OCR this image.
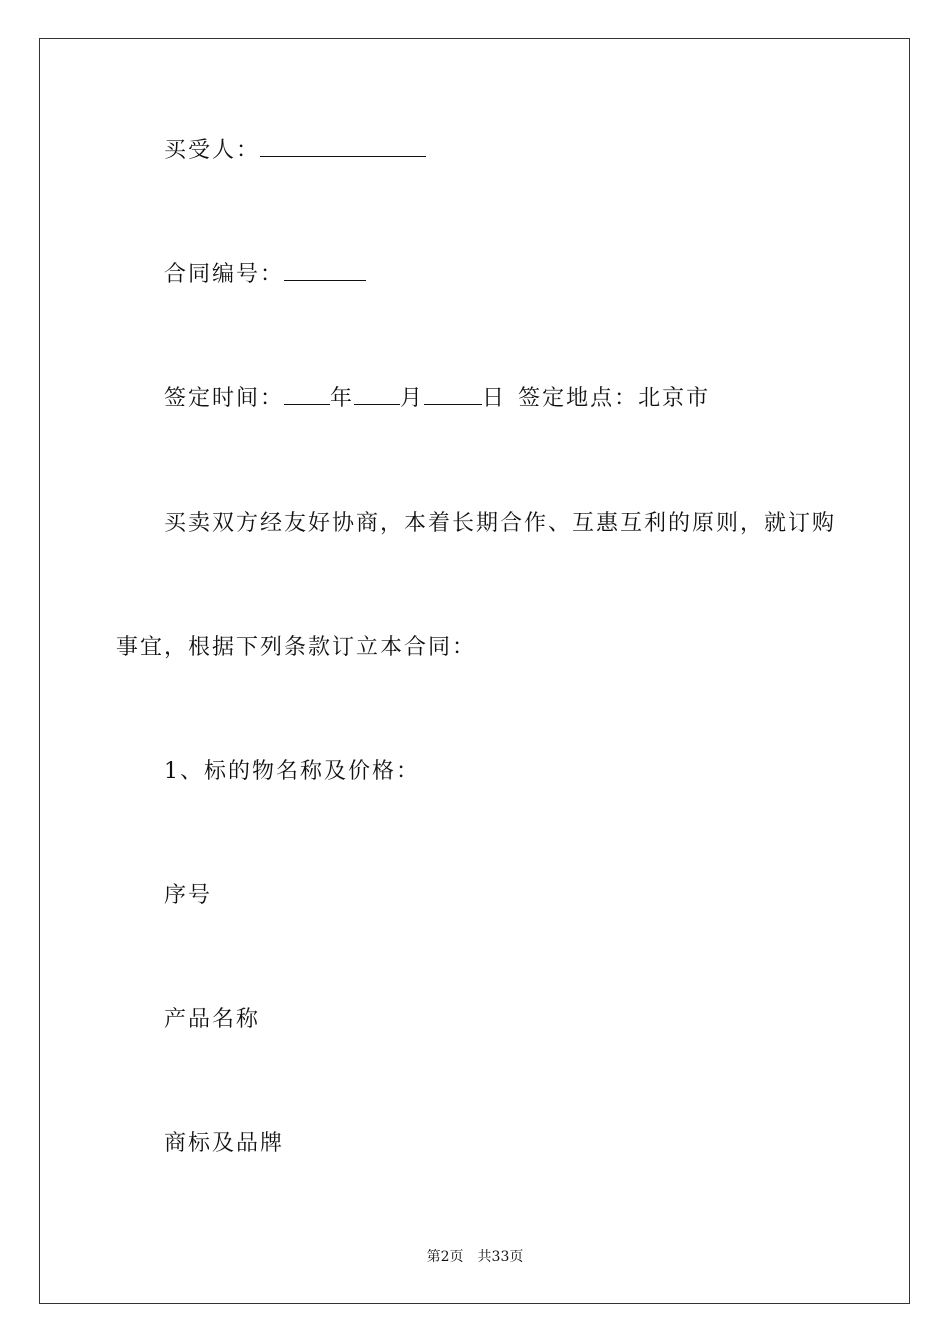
买受人：
合同编号：
签定时间： 年 月	日 签定地点：北京市
买卖双方经友好协商，本着长期合作、互惠互利的原则，就订购
事宜，根据下列条款订立本合同：
1、标的物名称及价格：
序号
产品名称
商标及品牌
第2页 共33页
